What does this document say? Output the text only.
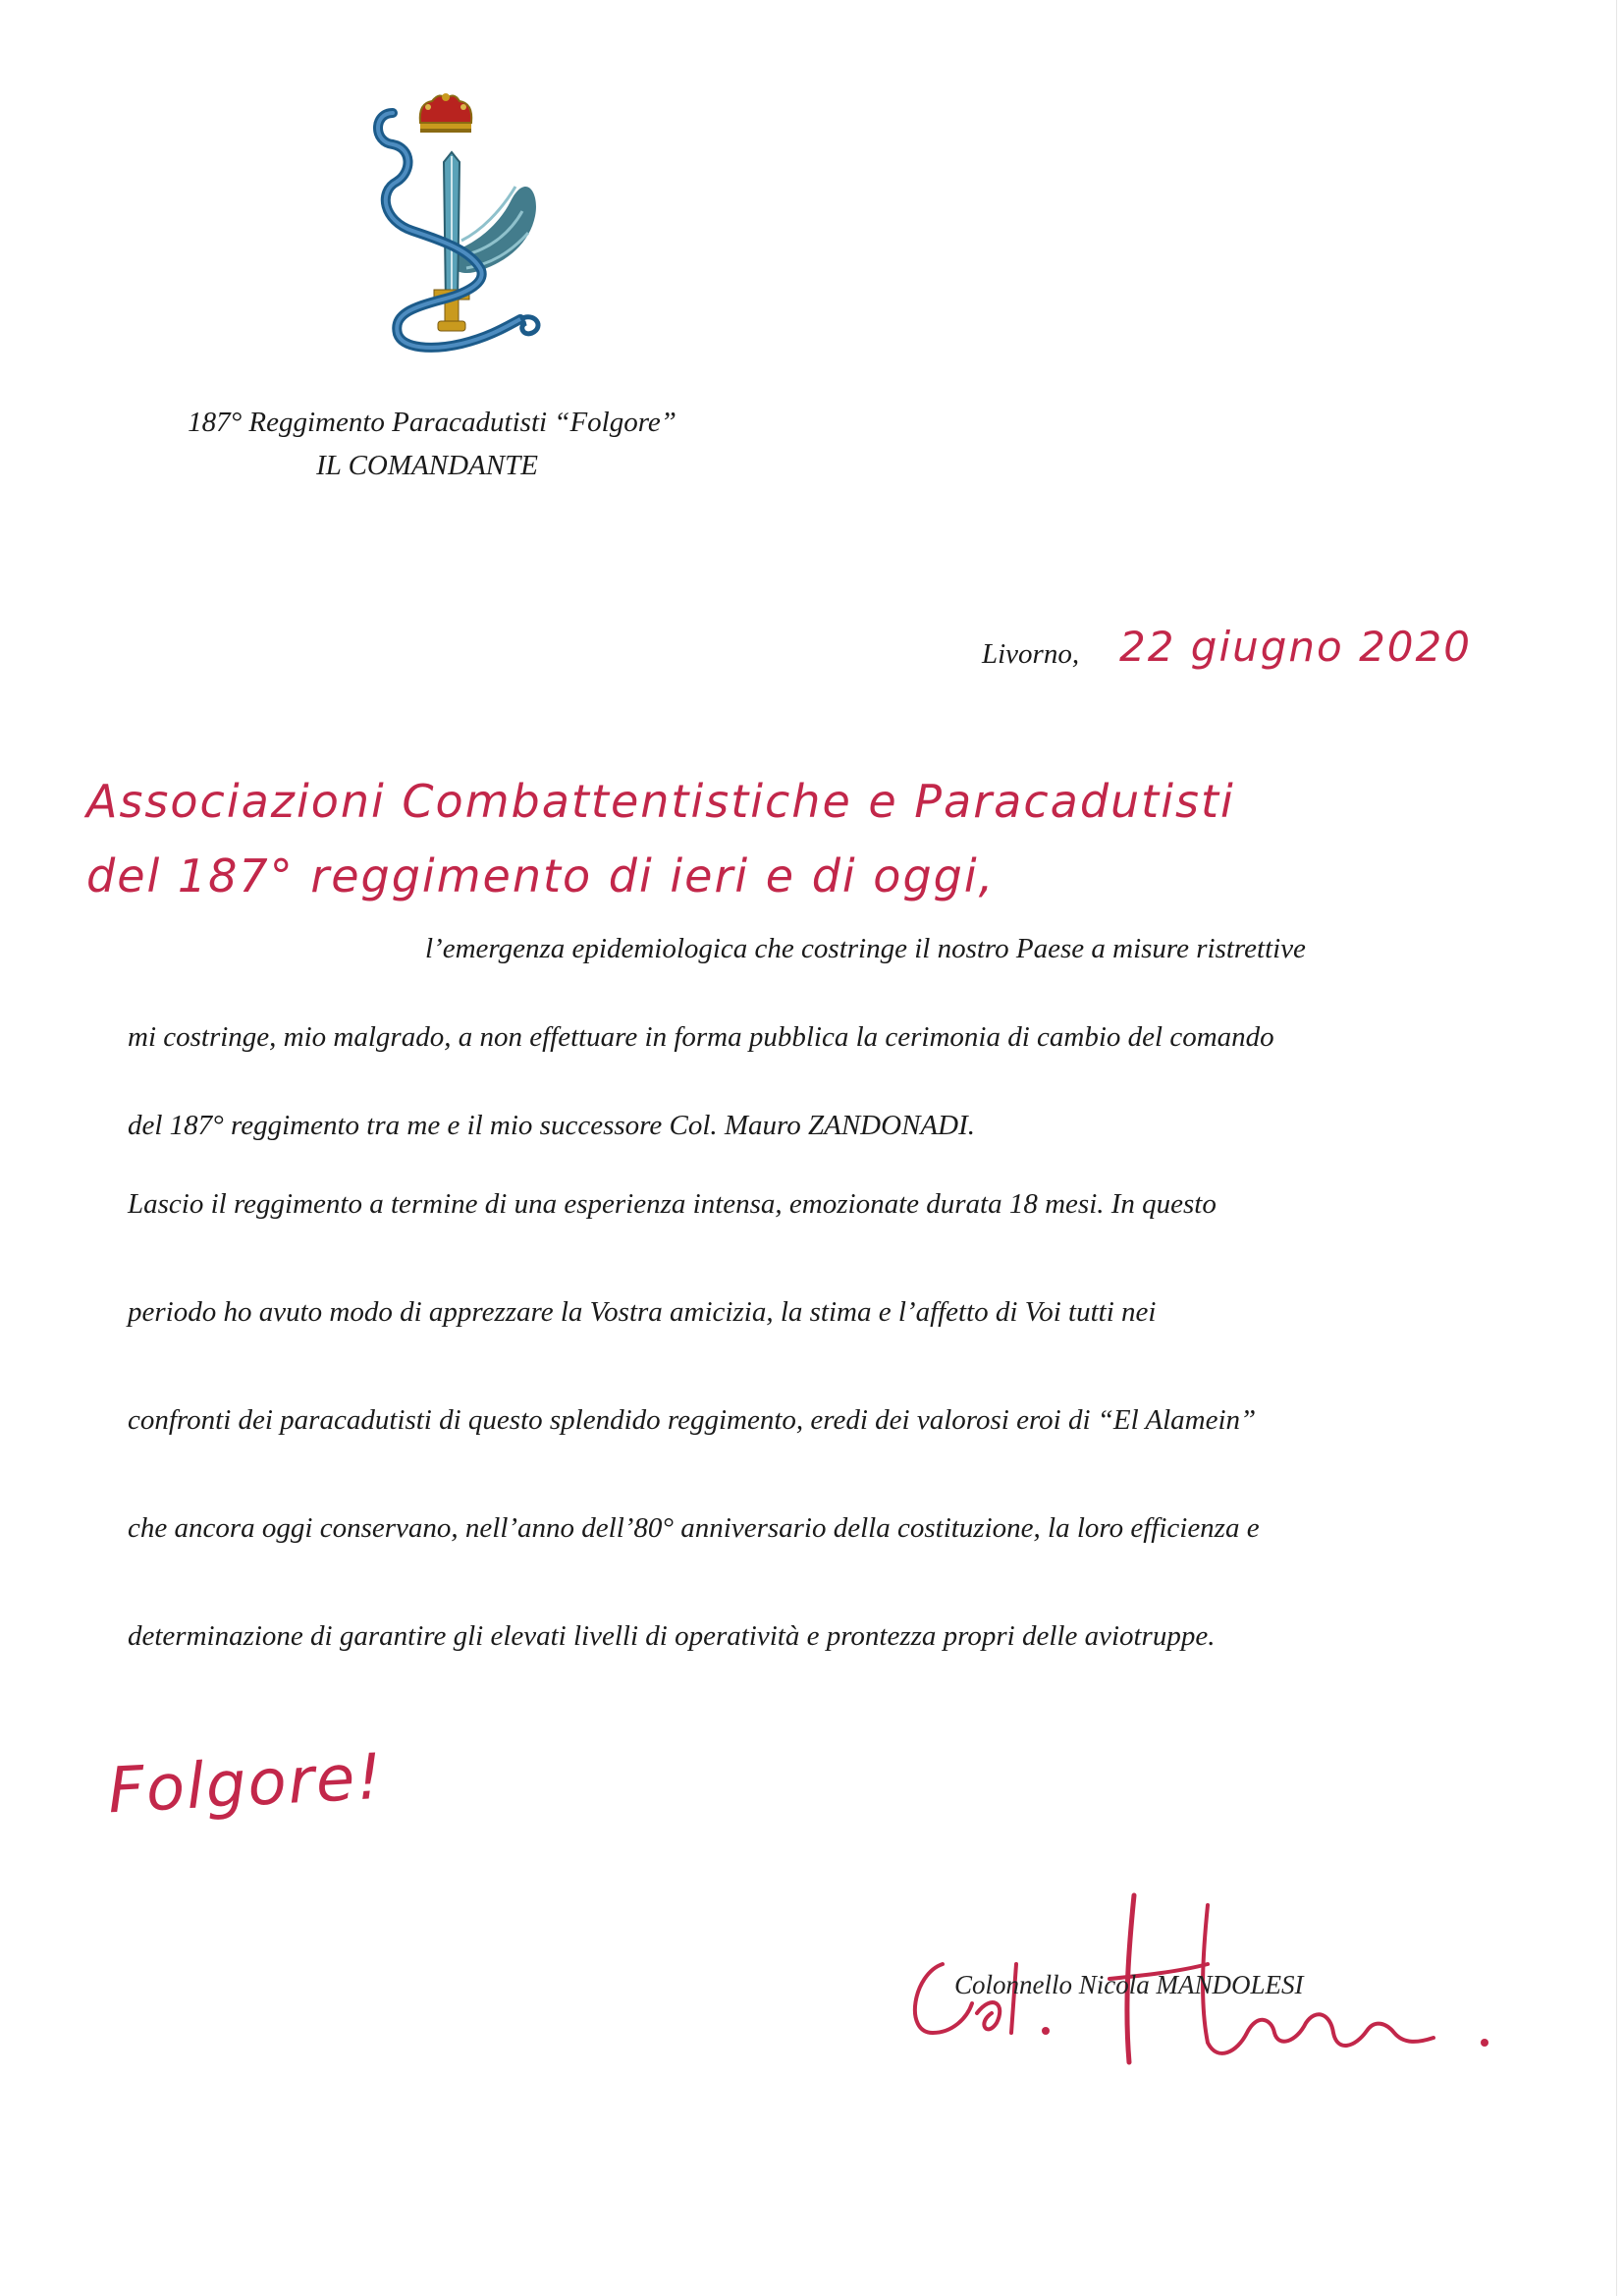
187° Reggimento Paracadutisti “Folgore”
IL COMANDANTE
Livorno, 22 giugno 2020
Associazioni Combattentistiche e Paracadutisti
del 187° reggimento di ieri e di oggi,

l’emergenza epidemiologica che costringe il nostro Paese a misure ristrettive
mi costringe, mio malgrado, a non effettuare in forma pubblica la cerimonia di cambio del comando
del 187° reggimento tra me e il mio successore Col. Mauro ZANDONADI.

Lascio il reggimento a termine di una esperienza intensa, emozionate durata 18 mesi. In questo
periodo ho avuto modo di apprezzare la Vostra amicizia, la stima e l’affetto di Voi tutti nei
confronti dei paracadutisti di questo splendido reggimento, eredi dei valorosi eroi di “El Alamein”
che ancora oggi conservano, nell’anno dell’80° anniversario della costituzione, la loro efficienza e
determinazione di garantire gli elevati livelli di operatività e prontezza propri delle aviotruppe.

Folgore!
Colonnello Nicola MANDOLESI
